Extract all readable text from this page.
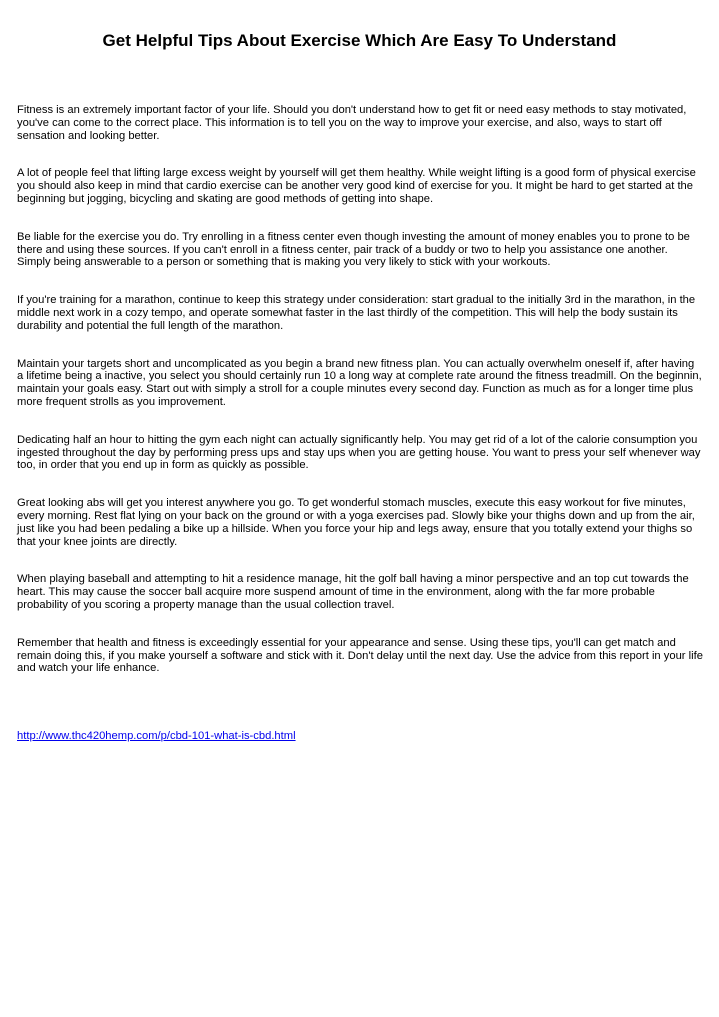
Get Helpful Tips About Exercise Which Are Easy To Understand

Fitness is an extremely important factor of your life. Should you don't understand how to get fit or need easy methods to stay motivated, you've can come to the correct place. This information is to tell you on the way to improve your exercise, and also, ways to start off sensation and looking better.

A lot of people feel that lifting large excess weight by yourself will get them healthy. While weight lifting is a good form of physical exercise you should also keep in mind that cardio exercise can be another very good kind of exercise for you. It might be hard to get started at the beginning but jogging, bicycling and skating are good methods of getting into shape.

Be liable for the exercise you do. Try enrolling in a fitness center even though investing the amount of money enables you to prone to be there and using these sources. If you can't enroll in a fitness center, pair track of a buddy or two to help you assistance one another. Simply being answerable to a person or something that is making you very likely to stick with your workouts.

If you're training for a marathon, continue to keep this strategy under consideration: start gradual to the initially 3rd in the marathon, in the middle next work in a cozy tempo, and operate somewhat faster in the last thirdly of the competition. This will help the body sustain its durability and potential the full length of the marathon.

Maintain your targets short and uncomplicated as you begin a brand new fitness plan. You can actually overwhelm oneself if, after having a lifetime being a inactive, you select you should certainly run 10 a long way at complete rate around the fitness treadmill. On the beginnin, maintain your goals easy. Start out with simply a stroll for a couple minutes every second day. Function as much as for a longer time plus more frequent strolls as you improvement.

Dedicating half an hour to hitting the gym each night can actually significantly help. You may get rid of a lot of the calorie consumption you ingested throughout the day by performing press ups and stay ups when you are getting house. You want to press your self whenever way too, in order that you end up in form as quickly as possible.

Great looking abs will get you interest anywhere you go. To get wonderful stomach muscles, execute this easy workout for five minutes, every morning. Rest flat lying on your back on the ground or with a yoga exercises pad. Slowly bike your thighs down and up from the air, just like you had been pedaling a bike up a hillside. When you force your hip and legs away, ensure that you totally extend your thighs so that your knee joints are directly.

When playing baseball and attempting to hit a residence manage, hit the golf ball having a minor perspective and an top cut towards the heart. This may cause the soccer ball acquire more suspend amount of time in the environment, along with the far more probable probability of you scoring a property manage than the usual collection travel.

Remember that health and fitness is exceedingly essential for your appearance and sense. Using these tips, you'll can get match and remain doing this, if you make yourself a software and stick with it. Don't delay until the next day. Use the advice from this report in your life and watch your life enhance.

http://www.thc420hemp.com/p/cbd-101-what-is-cbd.html
